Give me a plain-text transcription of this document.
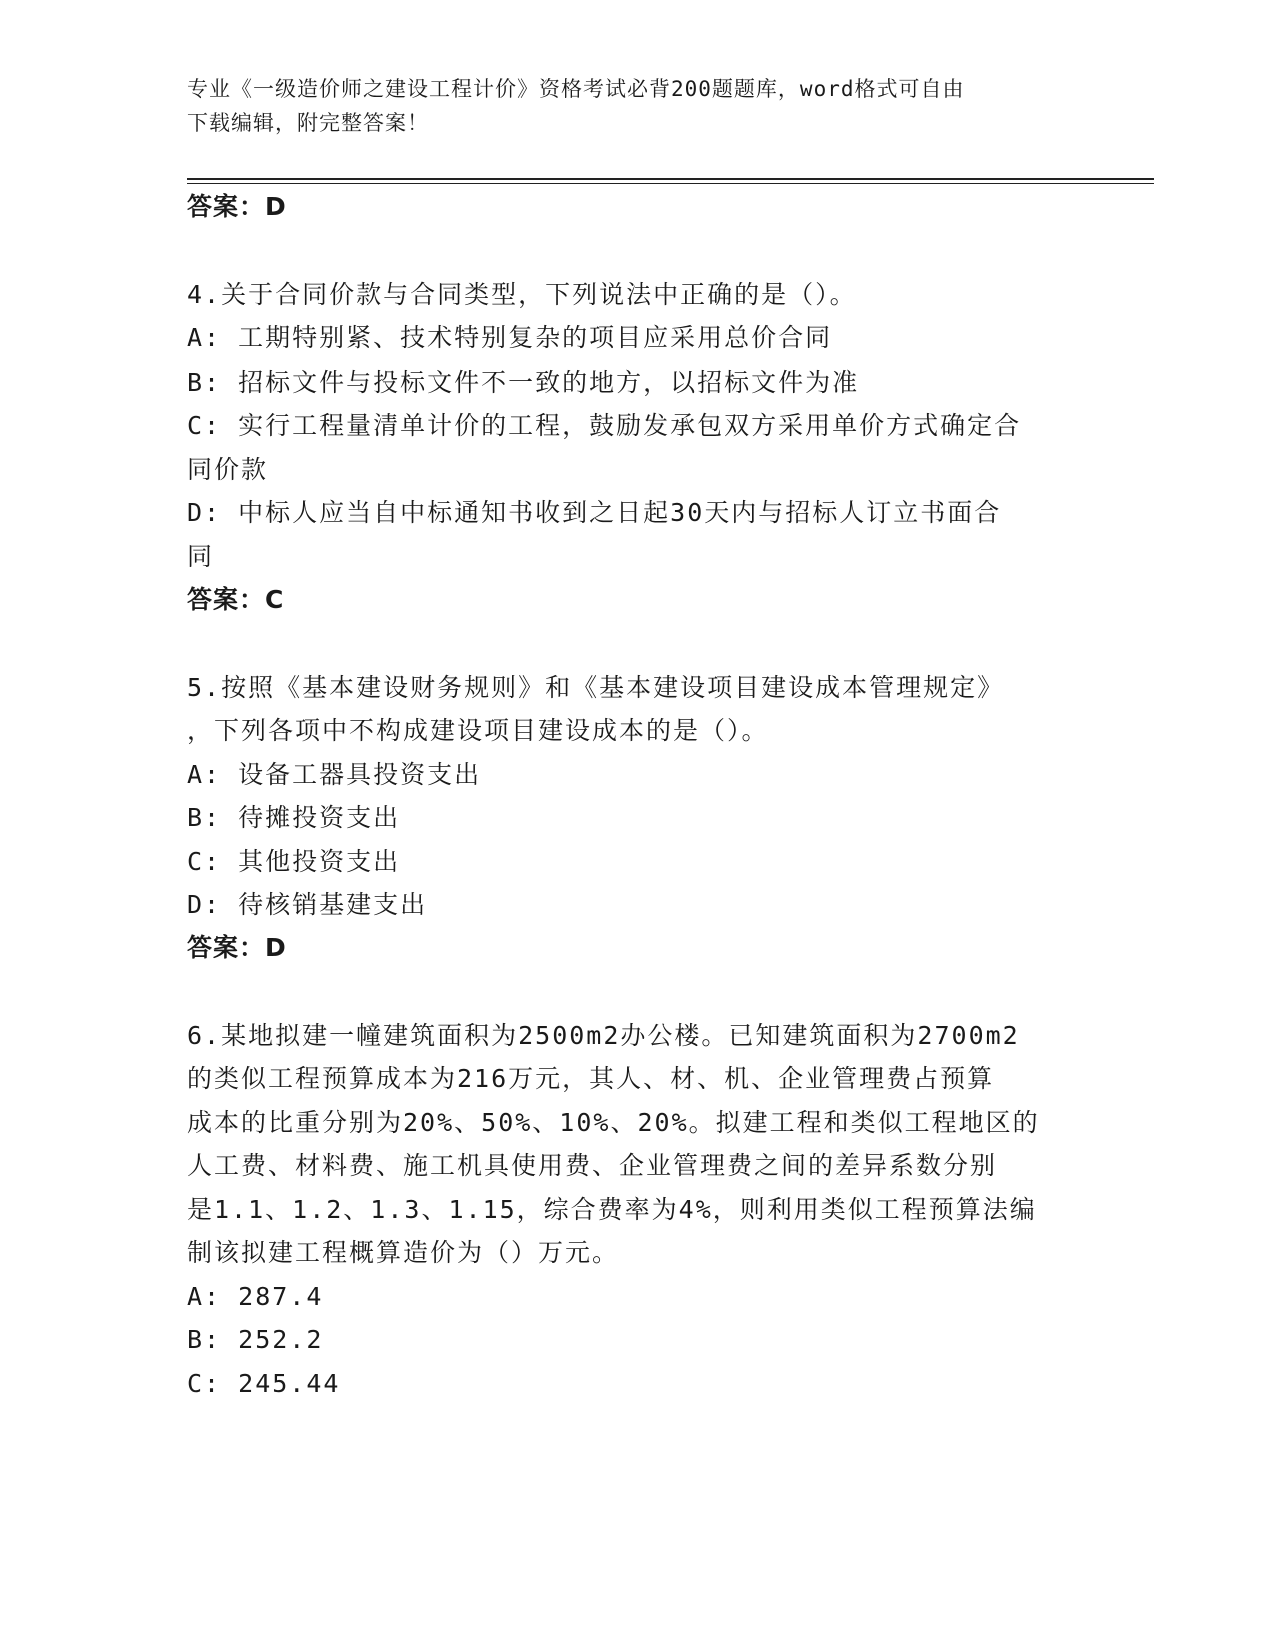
专业《一级造价师之建设工程计价》资格考试必背200题题库，word格式可自由
下载编辑，附完整答案！
答案：D
4.关于合同价款与合同类型，下列说法中正确的是（）。
A: 工期特别紧、技术特别复杂的项目应采用总价合同
B: 招标文件与投标文件不一致的地方，以招标文件为准
C: 实行工程量清单计价的工程，鼓励发承包双方采用单价方式确定合
同价款
D: 中标人应当自中标通知书收到之日起30天内与招标人订立书面合
同
答案：C
5.按照《基本建设财务规则》和《基本建设项目建设成本管理规定》
，下列各项中不构成建设项目建设成本的是（）。
A: 设备工器具投资支出
B: 待摊投资支出
C: 其他投资支出
D: 待核销基建支出
答案：D
6.某地拟建一幢建筑面积为2500m2办公楼。已知建筑面积为2700m2
的类似工程预算成本为216万元，其人、材、机、企业管理费占预算
成本的比重分别为20%、50%、10%、20%。拟建工程和类似工程地区的
人工费、材料费、施工机具使用费、企业管理费之间的差异系数分别
是1.1、1.2、1.3、1.15，综合费率为4%，则利用类似工程预算法编
制该拟建工程概算造价为（）万元。
A: 287.4
B: 252.2
C: 245.44
